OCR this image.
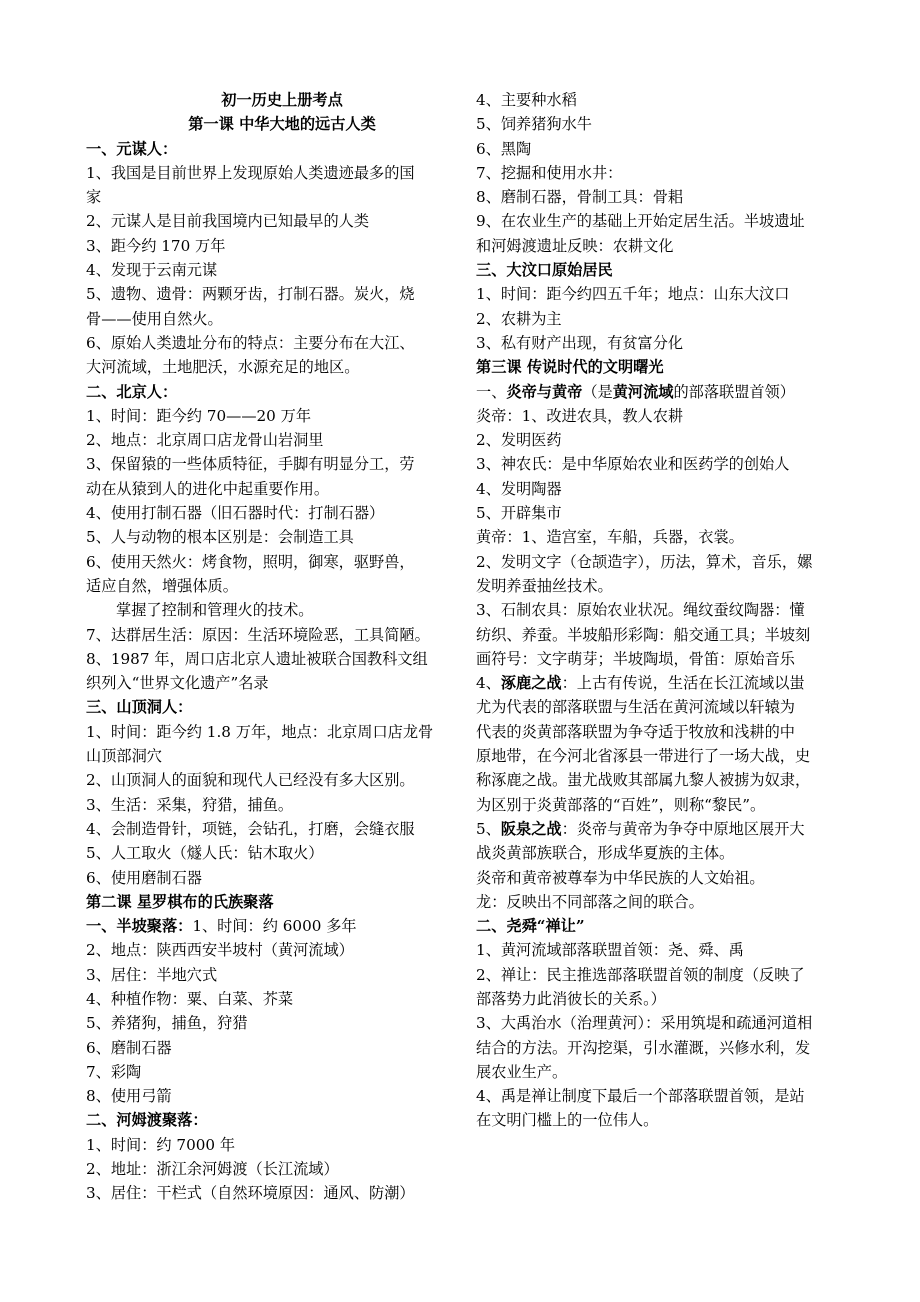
初一历史上册考点
第一课 中华大地的远古人类
一、元谋人：
1、我国是目前世界上发现原始人类遗迹最多的国
家
2、元谋人是目前我国境内已知最早的人类
3、距今约 170 万年
4、发现于云南元谋
5、遗物、遗骨：两颗牙齿，打制石器。炭火，烧
骨——使用自然火。
6、原始人类遗址分布的特点：主要分布在大江、
大河流域，土地肥沃，水源充足的地区。
二、北京人：
1、时间：距今约 70——20 万年
2、地点：北京周口店龙骨山岩洞里
3、保留猿的一些体质特征，手脚有明显分工，劳
动在从猿到人的进化中起重要作用。
4、使用打制石器（旧石器时代：打制石器）
5、人与动物的根本区别是：会制造工具
6、使用天然火：烤食物，照明，御寒，驱野兽，
适应自然，增强体质。
掌握了控制和管理火的技术。
7、达群居生活：原因：生活环境险恶，工具简陋。
8、1987 年，周口店北京人遗址被联合国教科文组
织列入“世界文化遗产”名录
三、山顶洞人：
1、时间：距今约 1.8 万年，地点：北京周口店龙骨
山顶部洞穴
2、山顶洞人的面貌和现代人已经没有多大区别。
3、生活：采集，狩猎，捕鱼。
4、会制造骨针，项链，会钻孔，打磨，会缝衣服
5、人工取火（燧人氏：钻木取火）
6、使用磨制石器
第二课 星罗棋布的氏族聚落
一、半坡聚落：1、时间：约 6000 多年
2、地点：陕西西安半坡村（黄河流域）
3、居住：半地穴式
4、种植作物：粟、白菜、芥菜
5、养猪狗，捕鱼，狩猎
6、磨制石器
7、彩陶
8、使用弓箭
二、河姆渡聚落：
1、时间：约 7000 年
2、地址：浙江余河姆渡（长江流域）
3、居住：干栏式（自然环境原因：通风、防潮）
4、主要种水稻
5、饲养猪狗水牛
6、黑陶
7、挖掘和使用水井：
8、磨制石器，骨制工具：骨耜
9、在农业生产的基础上开始定居生活。半坡遗址
和河姆渡遗址反映：农耕文化
三、大汶口原始居民
1、时间：距今约四五千年；地点：山东大汶口
2、农耕为主
3、私有财产出现，有贫富分化
第三课 传说时代的文明曙光
一、炎帝与黄帝（是黄河流域的部落联盟首领）
炎帝：1、改进农具，教人农耕
2、发明医药
3、神农氏：是中华原始农业和医药学的创始人
4、发明陶器
5、开辟集市
黄帝：1、造宫室，车船，兵器，衣裳。
2、发明文字（仓颉造字），历法，算术，音乐，嫘
发明养蚕抽丝技术。
3、石制农具：原始农业状况。绳纹蚕纹陶器：懂
纺织、养蚕。半坡船形彩陶：船交通工具；半坡刻
画符号：文字萌芽；半坡陶埙，骨笛：原始音乐
4、涿鹿之战：上古有传说，生活在长江流域以蚩
尤为代表的部落联盟与生活在黄河流域以轩辕为
代表的炎黄部落联盟为争夺适于牧放和浅耕的中
原地带，在今河北省涿县一带进行了一场大战，史
称涿鹿之战。蚩尤战败其部属九黎人被掳为奴隶，
为区别于炎黄部落的“百姓”，则称“黎民”。
5、阪泉之战：炎帝与黄帝为争夺中原地区展开大
战炎黄部族联合，形成华夏族的主体。
炎帝和黄帝被尊奉为中华民族的人文始祖。
龙：反映出不同部落之间的联合。
二、尧舜“禅让”
1、黄河流域部落联盟首领：尧、舜、禹
2、禅让：民主推选部落联盟首领的制度（反映了
部落势力此消彼长的关系。）
3、大禹治水（治理黄河）：采用筑堤和疏通河道相
结合的方法。开沟挖渠，引水灌溉，兴修水利，发
展农业生产。
4、禹是禅让制度下最后一个部落联盟首领，是站
在文明门槛上的一位伟人。
